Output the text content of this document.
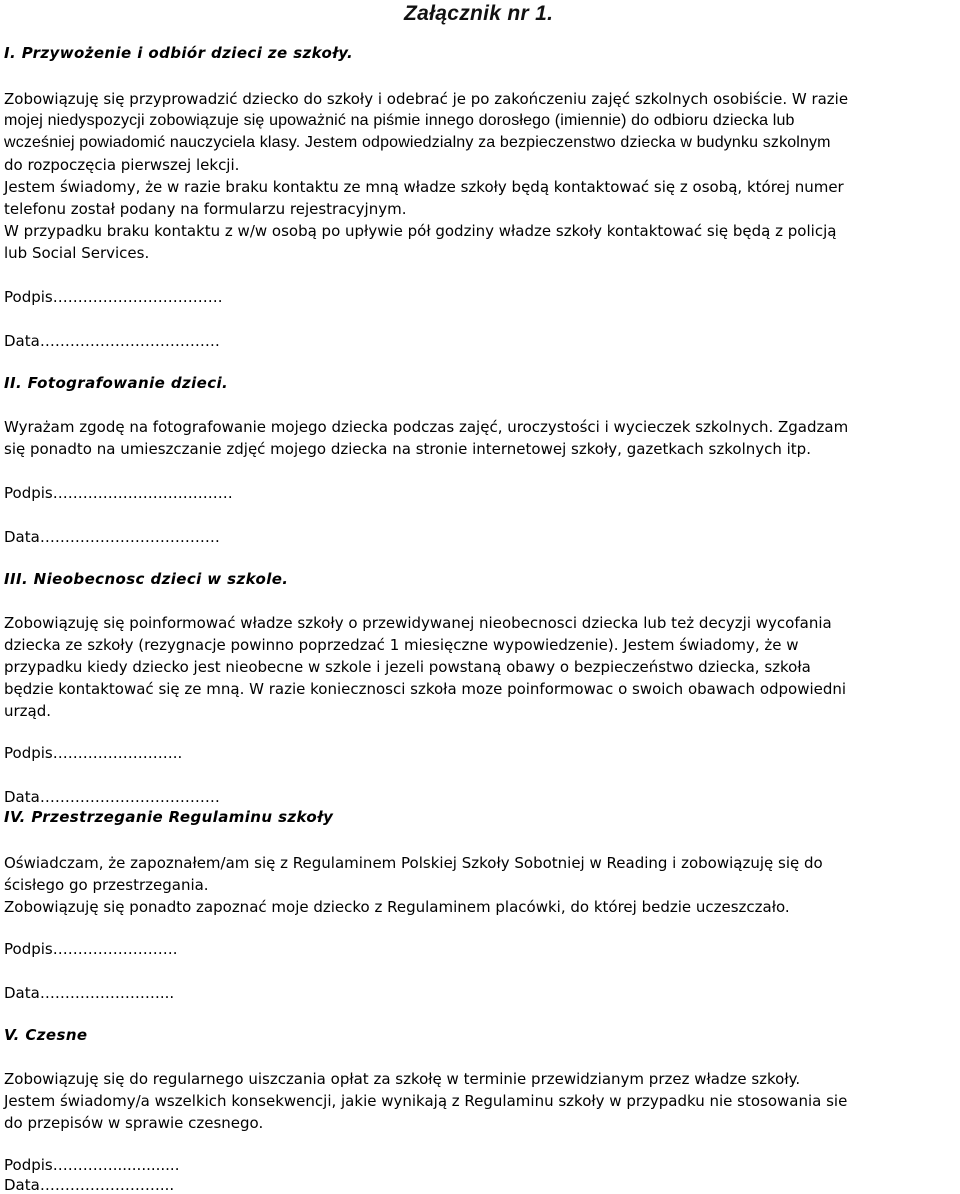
Załącznik nr 1.
I. Przywożenie i odbiór dzieci ze szkoły.
Zobowiązuję się przyprowadzić dziecko do szkoły i odebrać je po zakończeniu zajęć szkolnych osobiście. W razie
mojej niedyspozycji zobowiązuje się upoważnić na piśmie innego dorosłego (imiennie) do odbioru dziecka lub
wcześniej powiadomić nauczyciela klasy. Jestem odpowiedzialny za bezpieczenstwo dziecka w budynku szkolnym
do rozpoczęcia pierwszej lekcji.
Jestem świadomy, że w razie braku kontaktu ze mną władze szkoły będą kontaktować się z osobą, której numer
telefonu został podany na formularzu rejestracyjnym.
W przypadku braku kontaktu z w/w osobą po upływie pół godziny władze szkoły kontaktować się będą z policją
lub Social Services.
Podpis…………………………….
Data………………………………
II. Fotografowanie dzieci.
Wyrażam zgodę na fotografowanie mojego dziecka podczas zajęć, uroczystości i wycieczek szkolnych. Zgadzam
się ponadto na umieszczanie zdjęć mojego dziecka na stronie internetowej szkoły, gazetkach szkolnych itp.
Podpis………………………………
Data………………………………
III. Nieobecnosc dzieci w szkole.
Zobowiązuję się poinformować władze szkoły o przewidywanej nieobecnosci dziecka lub też decyzji wycofania
dziecka ze szkoły (rezygnacje powinno poprzedzać 1 miesięczne wypowiedzenie). Jestem świadomy, że w
przypadku kiedy dziecko jest nieobecne w szkole i jezeli powstaną obawy o bezpieczeństwo dziecka, szkoła
będzie kontaktować się ze mną. W razie koniecznosci szkoła moze poinformowac o swoich obawach odpowiedni
urząd.
Podpis……………………..
Data………………………………
IV. Przestrzeganie Regulaminu szkoły
Oświadczam, że zapoznałem/am się z Regulaminem Polskiej Szkoły Sobotniej w Reading i zobowiązuję się do
ścisłego go przestrzegania.
Zobowiązuję się ponadto zapoznać moje dziecko z Regulaminem placówki, do której bedzie uczeszczało.
Podpis…………………….
Data……………………...
V. Czesne
Zobowiązuję się do regularnego uiszczania opłat za szkołę w terminie przewidzianym przez władze szkoły.
Jestem świadomy/a wszelkich konsekwencji, jakie wynikają z Regulaminu szkoły w przypadku nie stosowania sie
do przepisów w sprawie czesnego.
Podpis…………..............
Data……………………...
